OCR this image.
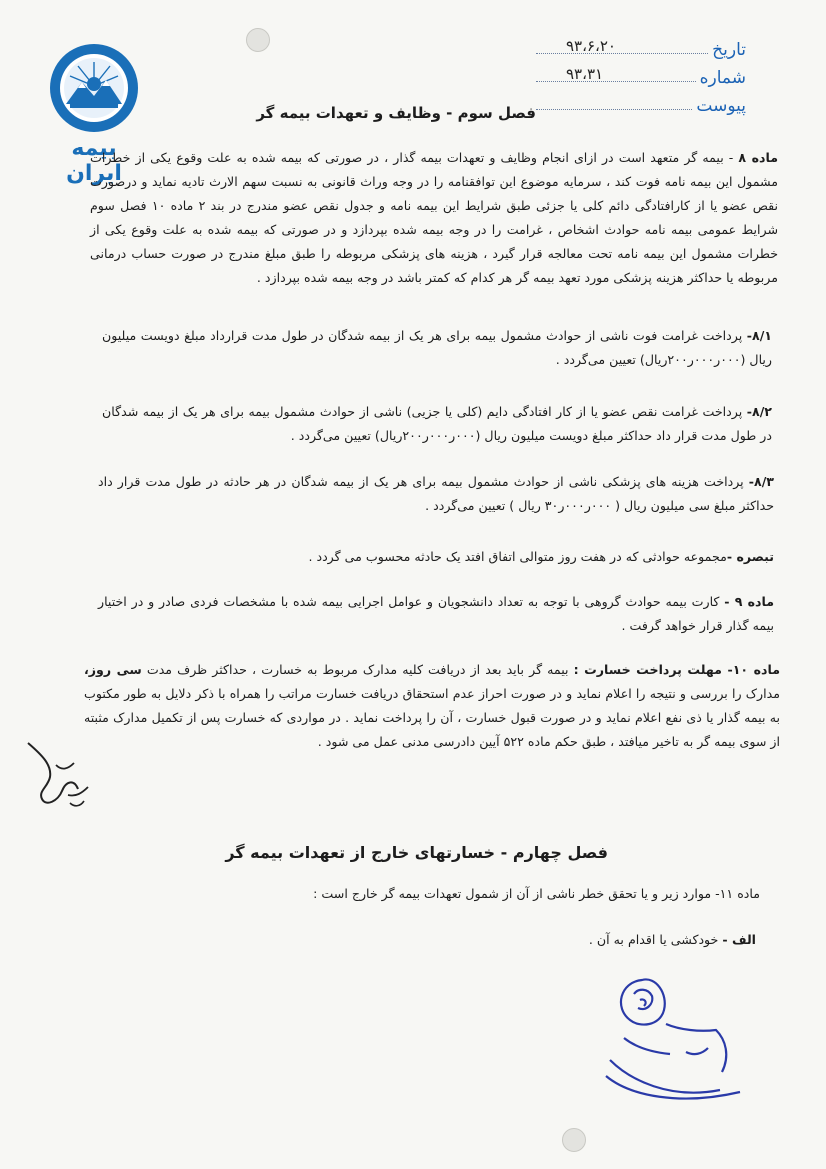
بیمه ایران
تاریخ
۹۳،۶،۲۰
شماره
۹۳،۳۱
پیوست
فصل سوم - وظایف و تعهدات بیمه گر
ماده ۸ - بیمه گر متعهد است در ازای انجام وظایف و تعهدات بیمه گذار ، در صورتی که بیمه شده به علت وقوع یکی از خطرات مشمول این بیمه نامه فوت کند ، سرمایه موضوع این توافقنامه را در وجه وراث قانونی به نسبت سهم الارث تادیه نماید و درصورت نقص عضو یا از کارافتادگی دائم کلی یا جزئی طبق شرایط این بیمه نامه و جدول نقص عضو مندرج در بند ۲ ماده ۱۰ فصل سوم شرایط عمومی بیمه نامه حوادث اشخاص ، غرامت را در وجه بیمه شده بپردازد و در صورتی که بیمه شده به علت وقوع یکی از خطرات مشمول این بیمه نامه تحت معالجه قرار گیرد ، هزینه های پزشکی مربوطه را طبق مبلغ مندرج در صورت حساب درمانی مربوطه یا حداکثر هزینه پزشکی مورد تعهد بیمه گر هر کدام که کمتر باشد در وجه بیمه شده بپردازد .
۸/۱- پرداخت غرامت فوت ناشی از حوادث مشمول بیمه برای هر یک از بیمه شدگان در طول مدت قرارداد مبلغ دویست میلیون ریال (۰۰۰ر۰۰۰ر۲۰۰ریال) تعیین می‌گردد .
۸/۲- پرداخت غرامت نقص عضو یا از کار افتادگی دایم (کلی یا جزیی) ناشی از حوادث مشمول بیمه برای هر یک از بیمه شدگان در طول مدت قرار داد حداکثر مبلغ دویست میلیون ریال (۰۰۰ر۰۰۰ر۲۰۰ریال) تعیین می‌گردد .
۸/۳- پرداخت هزینه های پزشکی ناشی از حوادث مشمول بیمه برای هر یک از بیمه شدگان در هر حادثه در طول مدت قرار داد حداکثر مبلغ سی میلیون ریال ( ۰۰۰ر۰۰۰ر۳۰ ریال ) تعیین می‌گردد .
تبصره -مجموعه حوادثی که در هفت روز متوالی اتفاق افتد یک حادثه محسوب می گردد .
ماده ۹ - کارت بیمه حوادث گروهی با توجه به تعداد دانشجویان و عوامل اجرایی بیمه شده با مشخصات فردی صادر و در اختیار بیمه گذار قرار خواهد گرفت .
ماده ۱۰- مهلت پرداخت خسارت : بیمه گر باید بعد از دریافت کلیه مدارک مربوط به خسارت ، حداکثر ظرف مدت سی روز، مدارک را بررسی و نتیجه را اعلام نماید و در صورت احراز عدم استحقاق دریافت خسارت مراتب را همراه با ذکر دلایل به طور مکتوب به بیمه گذار یا ذی نفع اعلام نماید و در صورت قبول خسارت ، آن را پرداخت نماید . در مواردی که خسارت پس از تکمیل مدارک مثبته از سوی بیمه گر به تاخیر میافتد ، طبق حکم ماده ۵۲۲ آیین دادرسی مدنی عمل می شود .
فصل چهارم - خسارتهای خارج از تعهدات بیمه گر
ماده ۱۱- موارد زیر و یا تحقق خطر ناشی از آن از شمول تعهدات بیمه گر خارج است :
الف - خودکشی یا اقدام به آن .
